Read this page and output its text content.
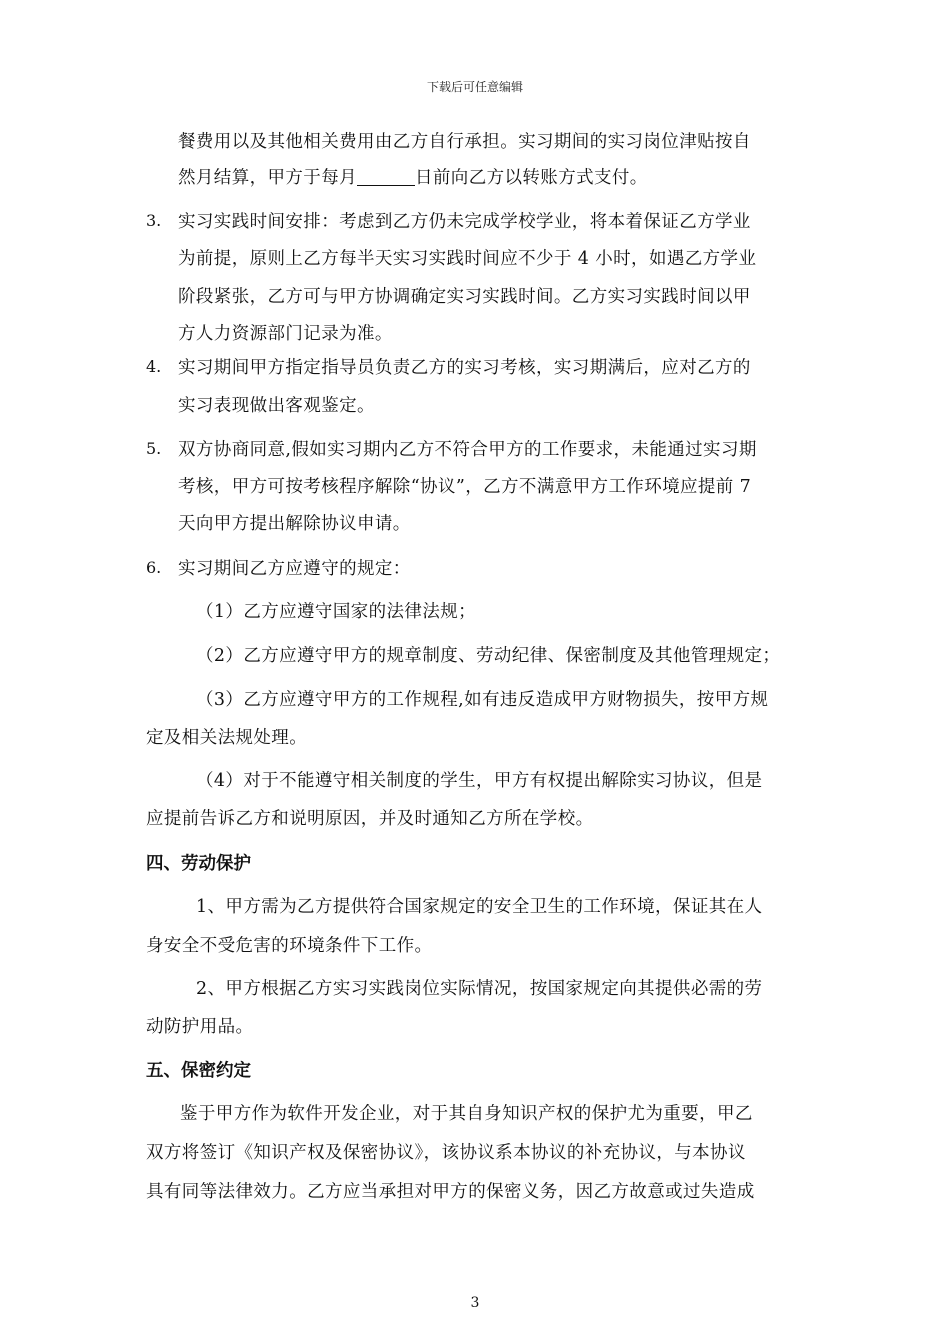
下载后可任意编辑
餐费用以及其他相关费用由乙方自行承担。实习期间的实习岗位津贴按自
然月结算，甲方于每月	日前向乙方以转账方式支付。
3. 实习实践时间安排：考虑到乙方仍未完成学校学业，将本着保证乙方学业
为前提，原则上乙方每半天实习实践时间应不少于 4 小时，如遇乙方学业
阶段紧张，乙方可与甲方协调确定实习实践时间。乙方实习实践时间以甲
方人力资源部门记录为准。
4. 实习期间甲方指定指导员负责乙方的实习考核，实习期满后，应对乙方的
实习表现做出客观鉴定。
5. 双方协商同意,假如实习期内乙方不符合甲方的工作要求，未能通过实习期
考核，甲方可按考核程序解除“协议”，乙方不满意甲方工作环境应提前 7
天向甲方提出解除协议申请。
6. 实习期间乙方应遵守的规定：
（1）乙方应遵守国家的法律法规；
（2）乙方应遵守甲方的规章制度、劳动纪律、保密制度及其他管理规定；
（3）乙方应遵守甲方的工作规程,如有违反造成甲方财物损失，按甲方规
定及相关法规处理。
（4）对于不能遵守相关制度的学生，甲方有权提出解除实习协议，但是
应提前告诉乙方和说明原因，并及时通知乙方所在学校。
四、劳动保护
1、甲方需为乙方提供符合国家规定的安全卫生的工作环境，保证其在人
身安全不受危害的环境条件下工作。
2、甲方根据乙方实习实践岗位实际情况，按国家规定向其提供必需的劳
动防护用品。
五、保密约定
鉴于甲方作为软件开发企业，对于其自身知识产权的保护尤为重要，甲乙
双方将签订《知识产权及保密协议》，该协议系本协议的补充协议，与本协议
具有同等法律效力。乙方应当承担对甲方的保密义务，因乙方故意或过失造成
3
